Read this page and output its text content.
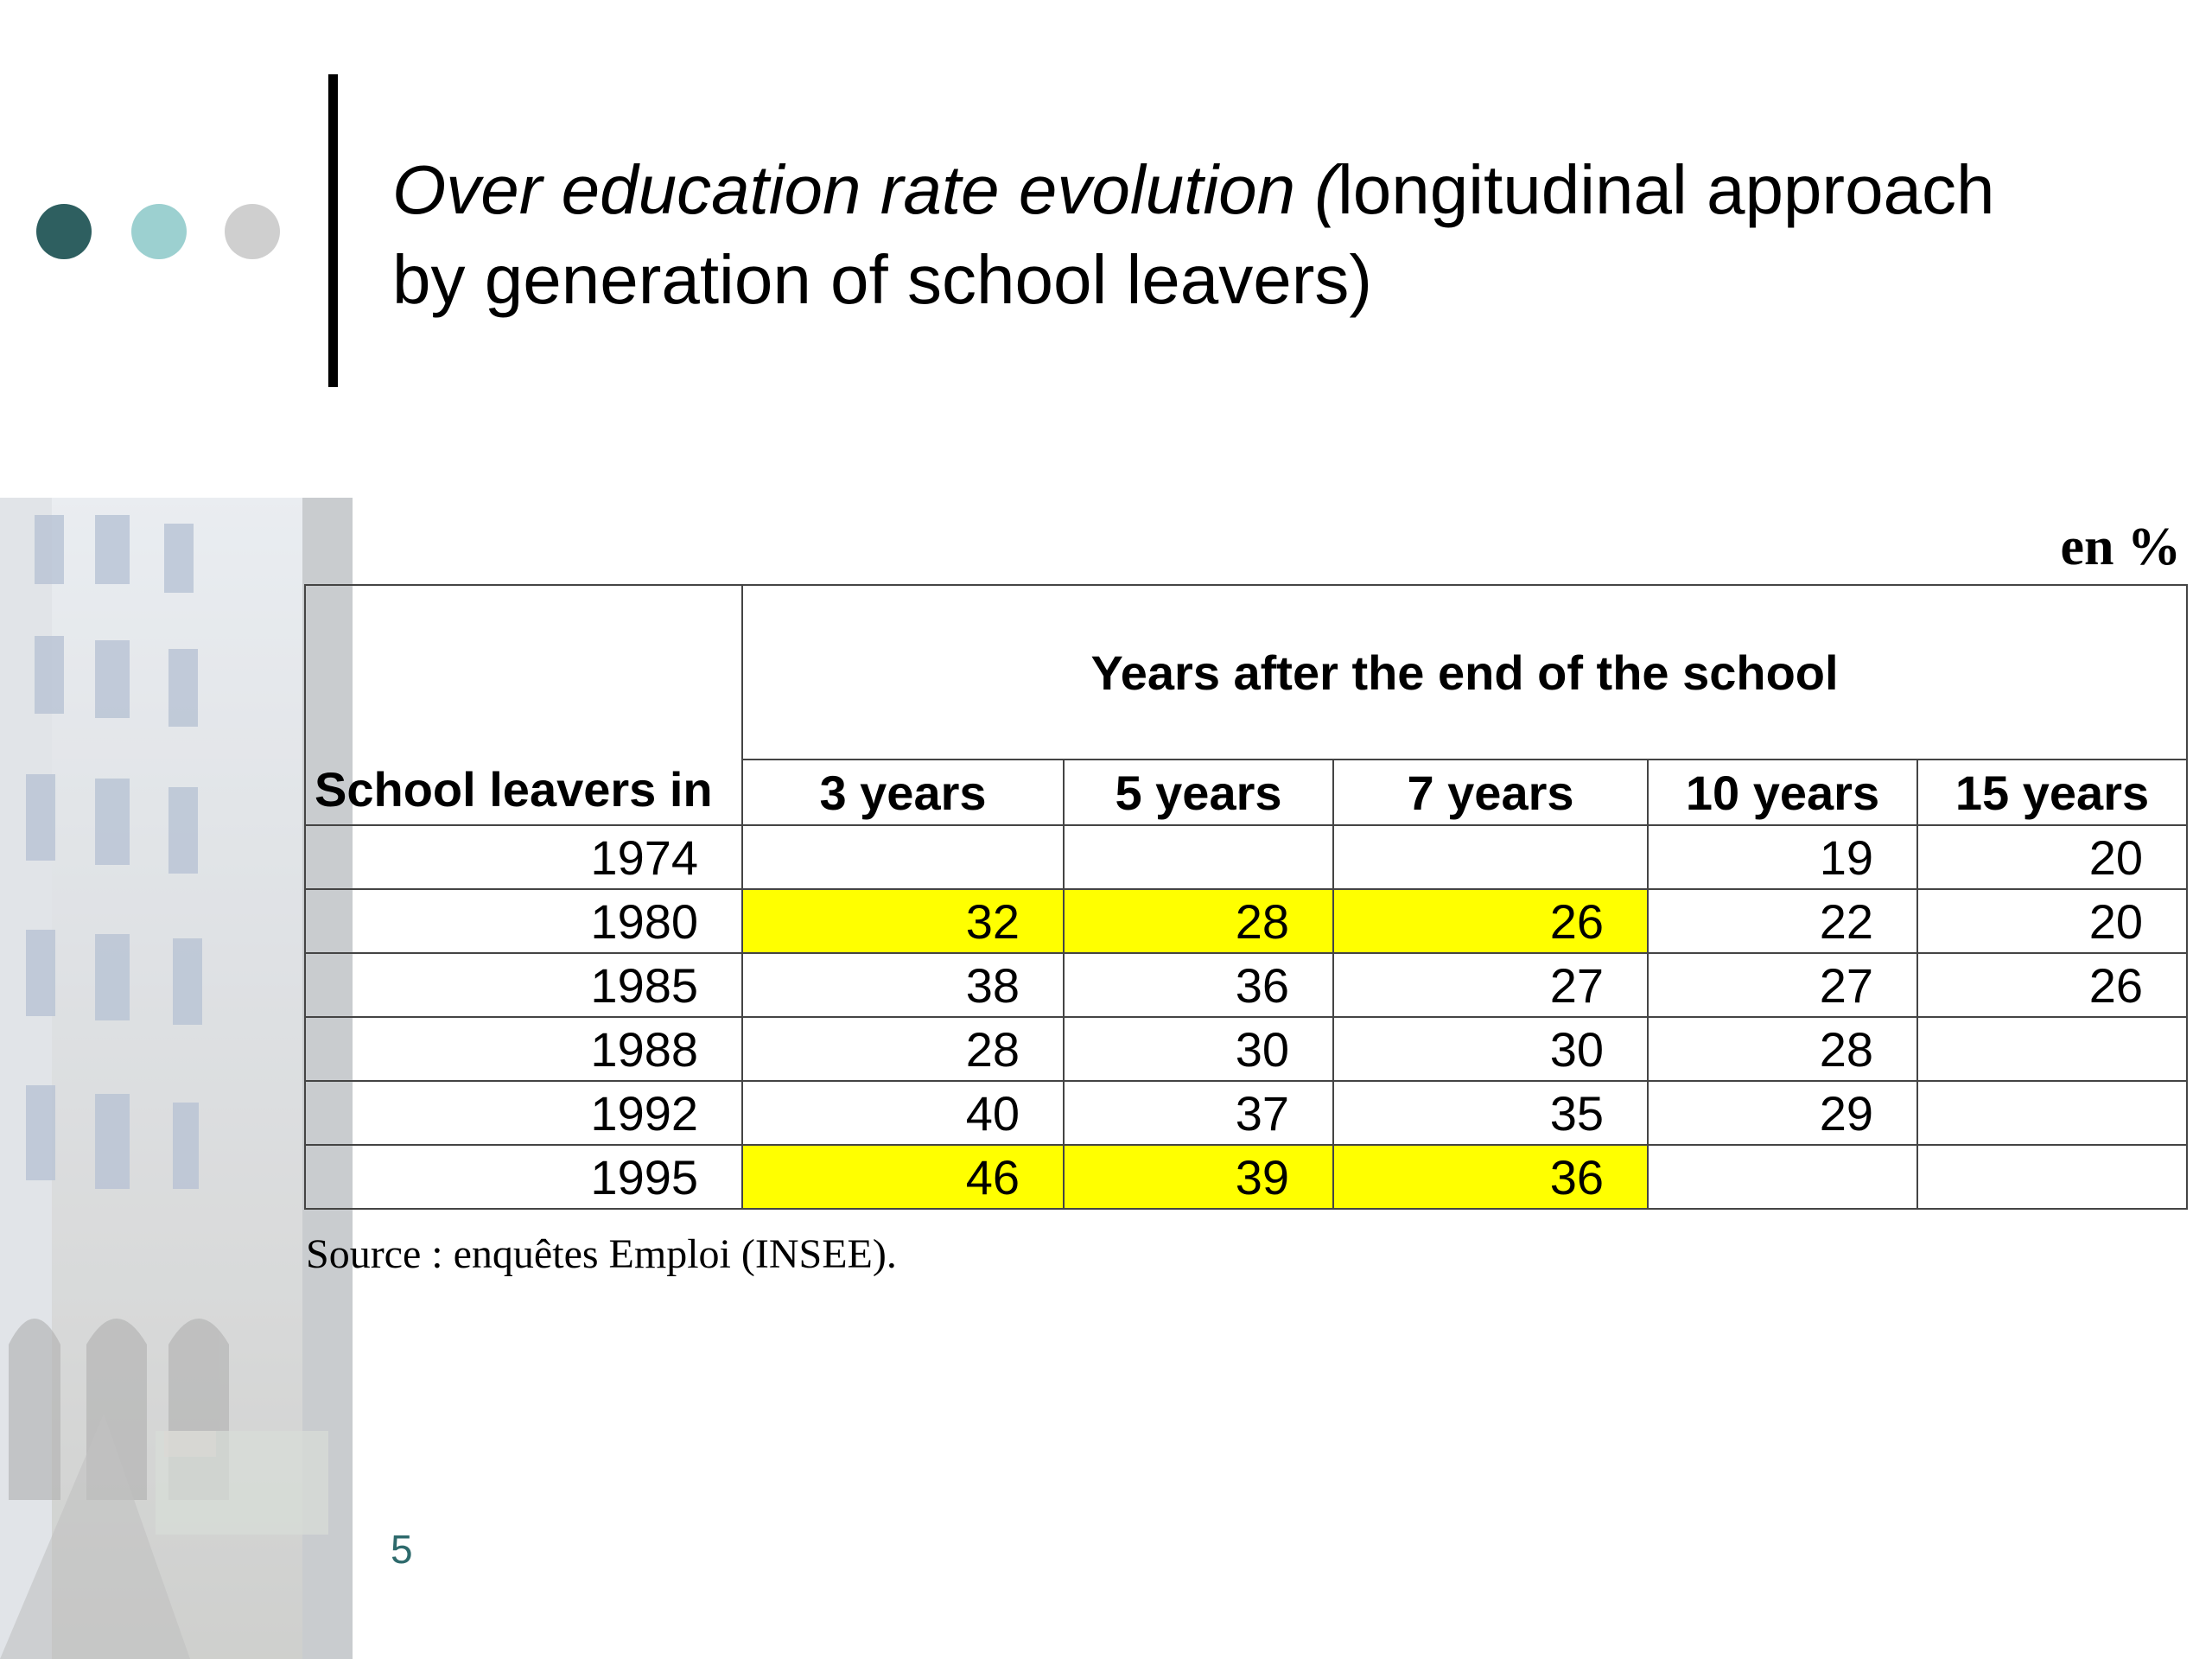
Over education rate evolution (longitudinal approach by generation of school leavers)
en %
School leavers in	Years after the end of the school				
	3 years	5 years	7 years	10 years	15 years
1974				19	20
1980	32	28	26	22	20
1985	38	36	27	27	26
1988	28	30	30	28	
1992	40	37	35	29	
1995	46	39	36		
Source : enquêtes Emploi (INSEE).
5
